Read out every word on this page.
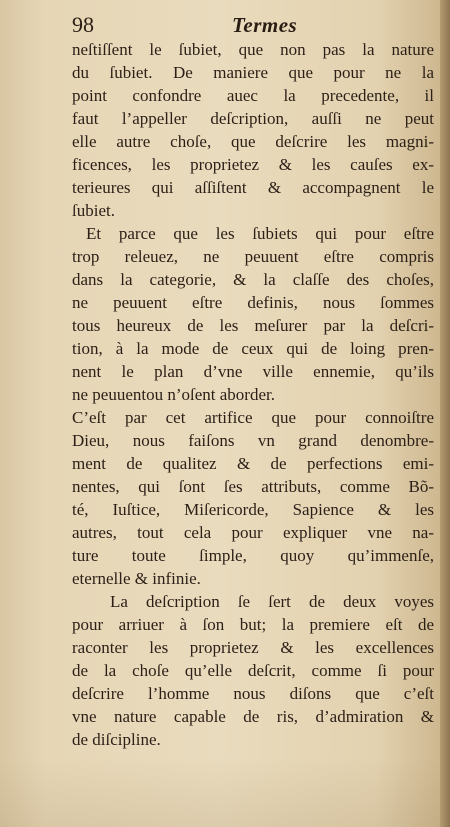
98	Termes
neſtiſſent le ſubiet, que non pas la nature
du ſubiet. De maniere que pour ne la
point confondre auec la precedente, il
faut l’appeller deſcription, auſſi ne peut
elle autre choſe, que deſcrire les magni-
ficences, les proprietez & les cauſes ex-
terieures qui aſſiſtent & accompagnent le
ſubiet.
Et parce que les ſubiets qui pour eſtre
trop releuez, ne peuuent eſtre compris
dans la categorie, & la claſſe des choſes,
ne peuuent eſtre definis, nous ſommes
tous heureux de les meſurer par la deſcri-
tion, à la mode de ceux qui de loing pren-
nent le plan d’vne ville ennemie, qu’ils
ne peuuentou n’oſent aborder.
C’eſt par cet artifice que pour connoiſtre
Dieu, nous faiſons vn grand denombre-
ment de qualitez & de perfections emi-
nentes, qui ſont ſes attributs, comme Bõ-
té, Iuſtice, Miſericorde, Sapience & les
autres, tout cela pour expliquer vne na-
ture toute ſimple, quoy qu’immenſe,
eternelle & infinie.
La deſcription ſe ſert de deux voyes
pour arriuer à ſon but; la premiere eſt de
raconter les proprietez & les excellences
de la choſe qu’elle deſcrit, comme ſi pour
deſcrire l’homme nous diſons que c’eſt
vne nature capable de ris, d’admiration &
de diſcipline.
